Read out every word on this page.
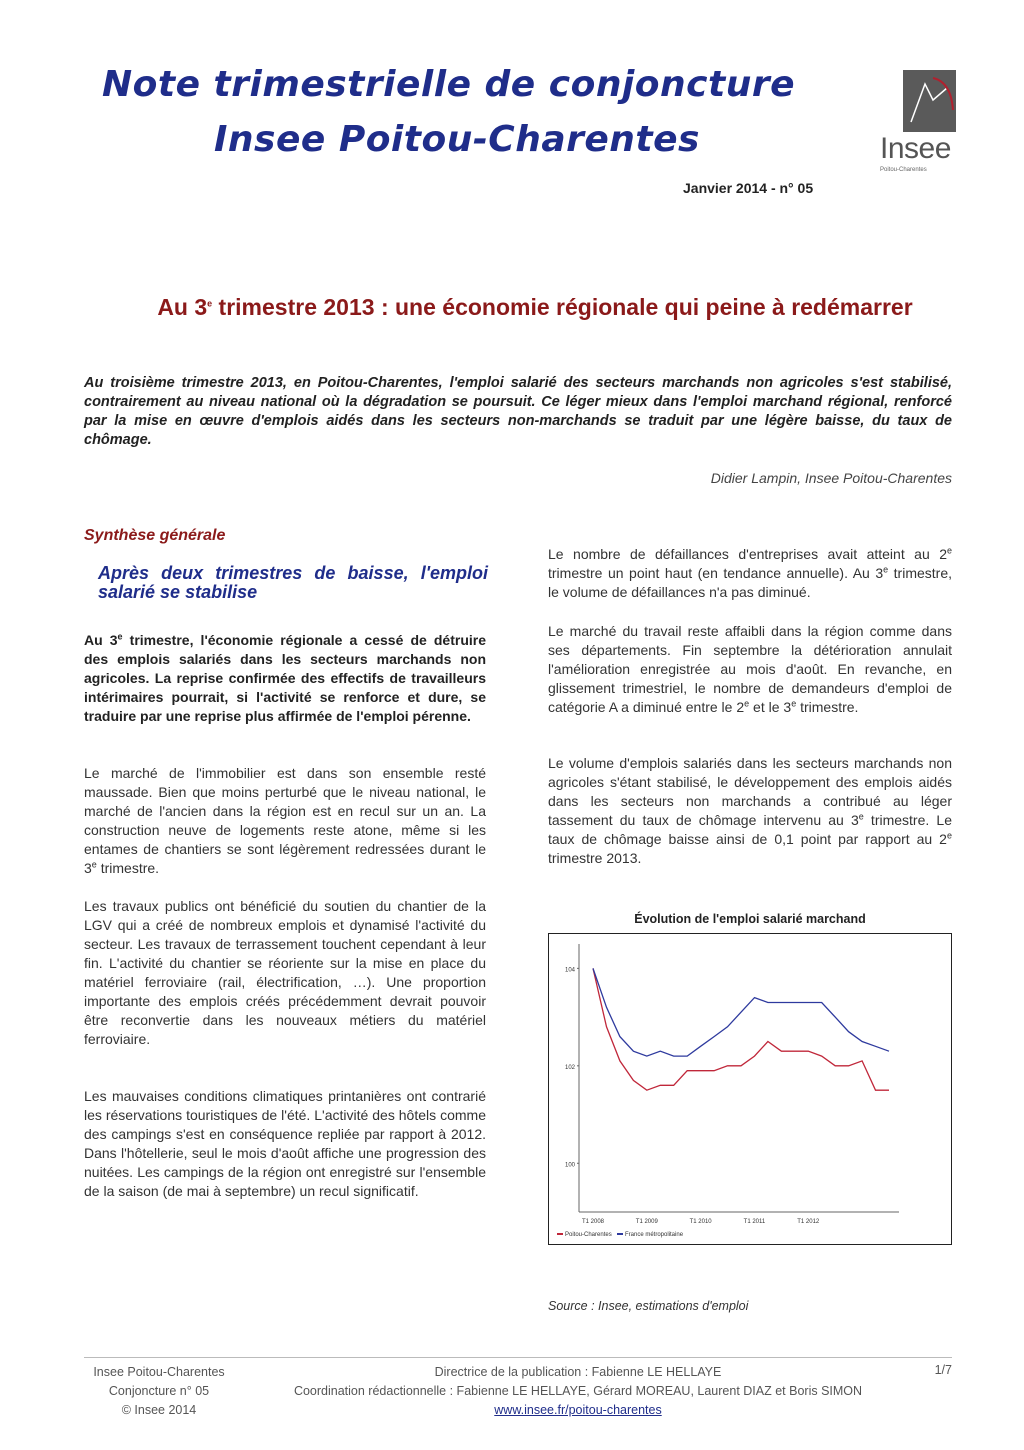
Note trimestrielle de conjoncture
Insee Poitou-Charentes
Janvier 2014 - n° 05
Insee
Poitou-Charentes
Au 3e trimestre 2013 : une économie régionale qui peine à redémarrer
Au troisième trimestre 2013, en Poitou-Charentes, l'emploi salarié des secteurs marchands non agricoles s'est stabilisé, contrairement au niveau national où la dégradation se poursuit. Ce léger mieux dans l'emploi marchand régional, renforcé par la mise en œuvre d'emplois aidés dans les secteurs non-marchands se traduit par une légère baisse, du taux de chômage.
Didier Lampin, Insee Poitou-Charentes
Synthèse générale
Après deux trimestres de baisse, l'emploi salarié se stabilise
Au 3e trimestre, l'économie régionale a cessé de détruire des emplois salariés dans les secteurs marchands non agricoles. La reprise confirmée des effectifs de travailleurs intérimaires pourrait, si l'activité se renforce et dure, se traduire par une reprise plus affirmée de l'emploi pérenne.
Le marché de l'immobilier est dans son ensemble resté maussade. Bien que moins perturbé que le niveau national, le marché de l'ancien dans la région est en recul sur un an. La construction neuve de logements reste atone, même si les entames de chantiers se sont légèrement redressées durant le 3e trimestre.
Les travaux publics ont bénéficié du soutien du chantier de la LGV qui a créé de nombreux emplois et dynamisé l'activité du secteur. Les travaux de terrassement touchent cependant à leur fin. L'activité du chantier se réoriente sur la mise en place du matériel ferroviaire (rail, électrification, …). Une proportion importante des emplois créés précédemment devrait pouvoir être reconvertie dans les nouveaux métiers du matériel ferroviaire.
Les mauvaises conditions climatiques printanières ont contrarié les réservations touristiques de l'été. L'activité des hôtels comme des campings s'est en conséquence repliée par rapport à 2012. Dans l'hôtellerie, seul le mois d'août affiche une progression des nuitées. Les campings de la région ont enregistré sur l'ensemble de la saison (de mai à septembre) un recul significatif.
Le nombre de défaillances d'entreprises avait atteint au 2e trimestre un point haut (en tendance annuelle). Au 3e trimestre, le volume de défaillances n'a pas diminué.
Le marché du travail reste affaibli dans la région comme dans ses départements. Fin septembre la détérioration annulait l'amélioration enregistrée au mois d'août. En revanche, en glissement trimestriel, le nombre de demandeurs d'emploi de catégorie A a diminué entre le 2e et le 3e trimestre.
Le volume d'emplois salariés dans les secteurs marchands non agricoles s'étant stabilisé, le développement des emplois aidés dans les secteurs non marchands a contribué au léger tassement du taux de chômage intervenu au 3e trimestre. Le taux de chômage baisse ainsi de 0,1 point par rapport au 2e trimestre 2013.
Évolution de l'emploi salarié marchand
104
102
100
T1 2008	T1 2009	T1 2010	T1 2011	T1 2012
Poitou-Charentes France métropolitaine
Source : Insee, estimations d'emploi
Insee Poitou-Charentes
Conjoncture n° 05
© Insee 2014
Directrice de la publication : Fabienne LE HELLAYE
Coordination rédactionnelle : Fabienne LE HELLAYE, Gérard MOREAU, Laurent DIAZ et Boris SIMON
www.insee.fr/poitou-charentes
1/7
